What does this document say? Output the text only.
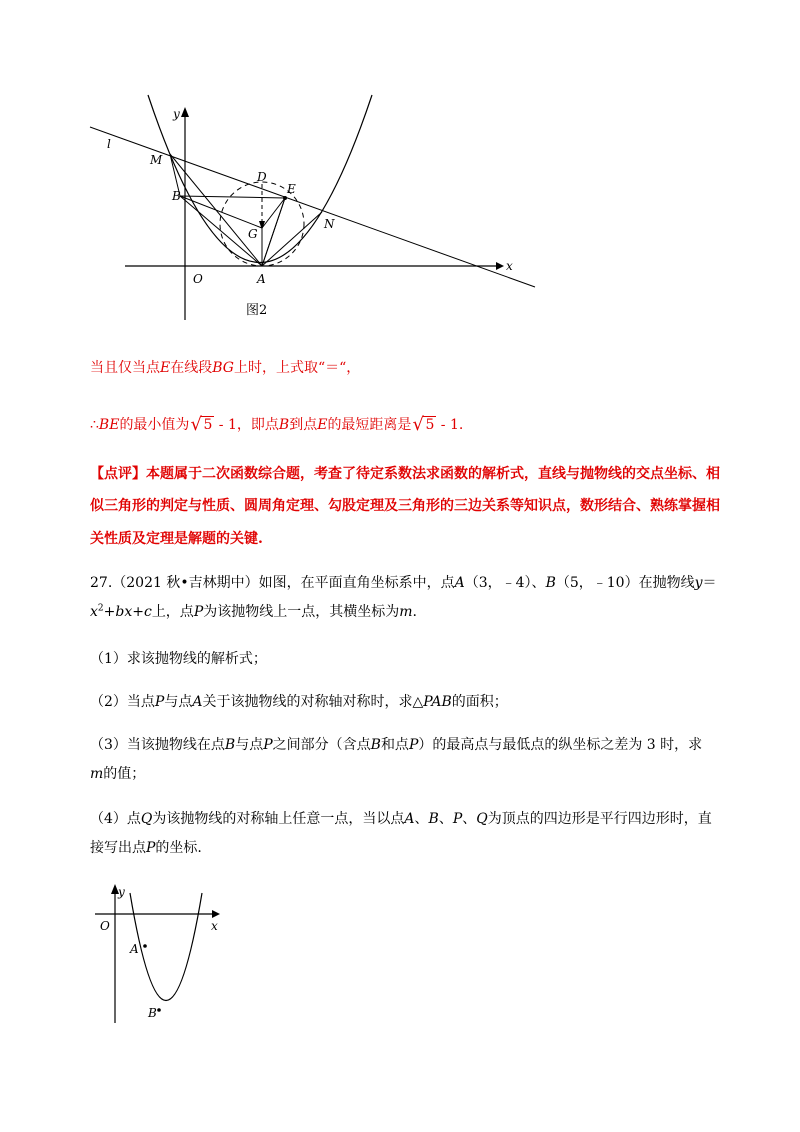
l
y
x
M
B
D
E
G
N
O	A
图2
当且仅当点E在线段BG上时，上式取“＝“，
∴BE的最小值为 √ 5 - 1，即点B到点E的最短距离是 √ 5 - 1.
【点评】本题属于二次函数综合题，考查了待定系数法求函数的解析式，直线与抛物线的交点坐标、相
似三角形的判定与性质、圆周角定理、勾股定理及三角形的三边关系等知识点，数形结合、熟练掌握相
关性质及定理是解题的关键.
27.（2021 秋•吉林期中）如图，在平面直角坐标系中，点A（3，﹣4）、B（5，﹣10）在抛物线y＝
$x^2+bx+c$上，点P为该抛物线上一点，其横坐标为m.
（1）求该抛物线的解析式；
（2）当点P与点A关于该抛物线的对称轴对称时，求△PAB的面积；
（3）当该抛物线在点B与点P之间部分（含点B和点P）的最高点与最低点的纵坐标之差为 3 时，求
m的值；
（4）点Q为该抛物线的对称轴上任意一点，当以点A、B、P、Q为顶点的四边形是平行四边形时，直
接写出点P的坐标.
y
O	x
A
B
